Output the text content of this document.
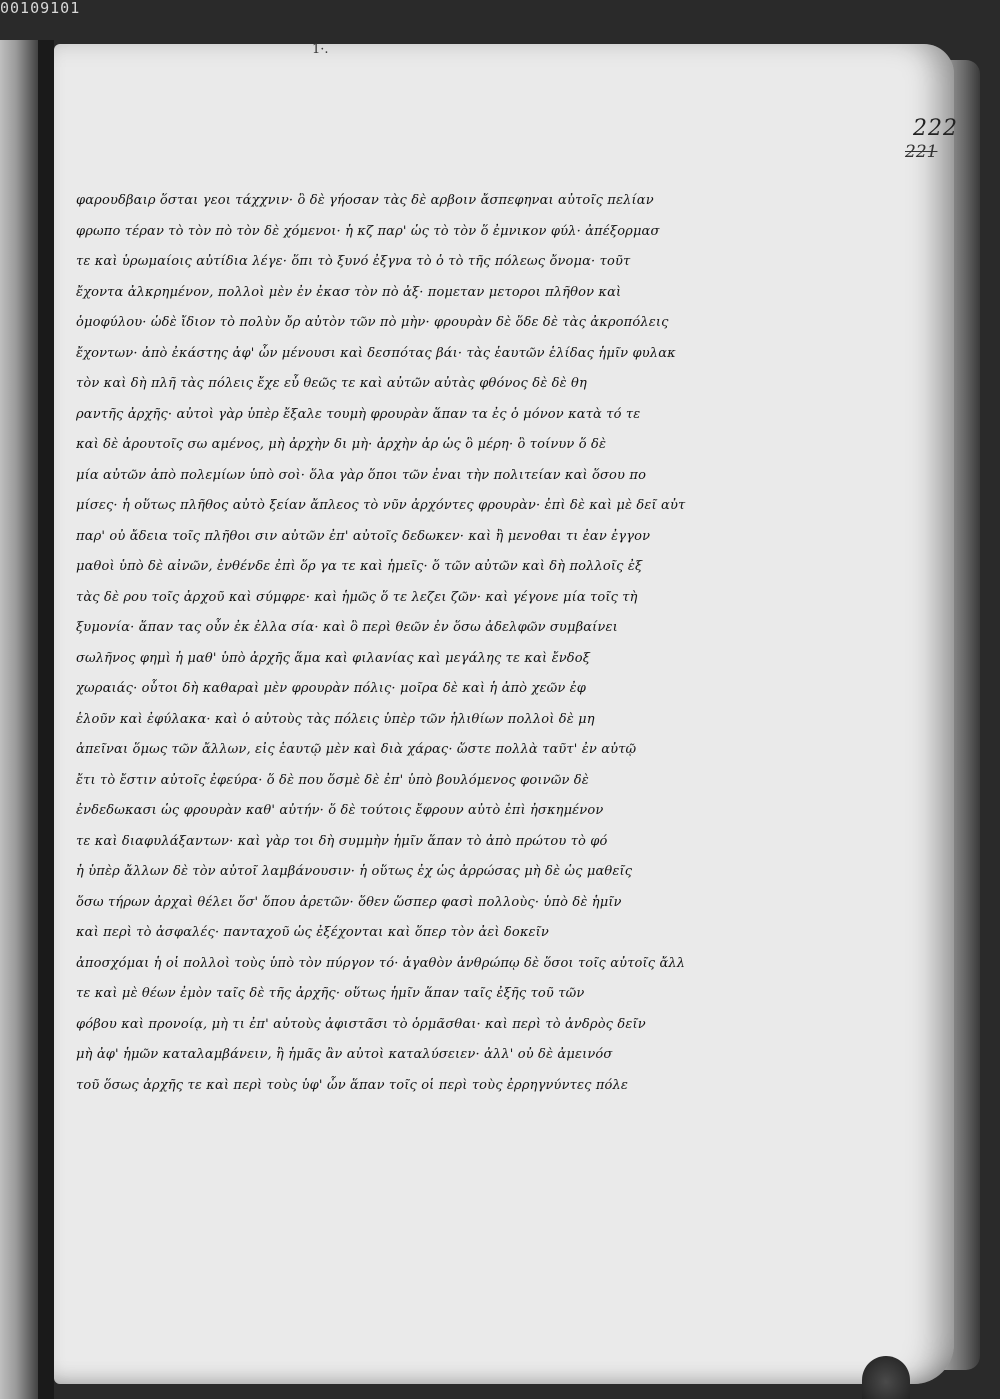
00109101
1·.
222
221
φαρουδβαιρ ὅσται γεοι τάχχνιν· ὃ δὲ γήοσαν τὰς δὲ αρβοιν ἄσπεφηναι αὐτοῖς πελίαν
φρωπο τέραν τὸ τὸν πὸ τὸν δὲ χόμενοι· ἡ κζ παρ' ὡς τὸ τὸν ὅ ἐμνικον φύλ· ἀπέξορμασ
τε καὶ ὑρωμαίοις αὐτίδια λέγε· ὅπι τὸ ξυνό ἐξγνα τὸ ὁ τὸ τῆς πόλεως ὄνομα· τοῦτ
ἔχοντα ἀλκρημένον, πολλοὶ μὲν ἐν ἐκασ τὸν πὸ ἀξ· πομεταν μετοροι πλῆθον καὶ
ὁμοφύλου· ὡδὲ ἴδιον τὸ πολὺν ὄρ αὐτὸν τῶν πὸ μὴν· φρουρὰν δὲ ὅδε δὲ τὰς ἀκροπόλεις
ἔχοντων· ἀπὸ ἐκάστης ἀφ' ὧν μένουσι καὶ δεσπότας βάι· τὰς ἑαυτῶν ἑλίδας ἡμῖν φυλακ
τὸν καὶ δὴ πλῆ τὰς πόλεις ἔχε εὖ θεῶς τε καὶ αὐτῶν αὐτὰς φθόνος δὲ δὲ θη
ραντῆς ἀρχῆς· αὐτοὶ γὰρ ὑπὲρ ἔξαλε τουμὴ φρουρὰν ἅπαν τα ἐς ὁ μόνον κατὰ τό τε
καὶ δὲ ἀρουτοῖς σω αμένος, μὴ ἀρχὴν δι μὴ· ἀρχὴν ἀρ ὡς ὃ μέρη· ὃ τοίνυν ὅ δὲ
μία αὐτῶν ἀπὸ πολεμίων ὑπὸ σοὶ· ὅλα γὰρ ὅποι τῶν ἐναι τὴν πολιτείαν καὶ ὅσου πο
μίσες· ἡ οὕτως πλῆθος αὐτὸ ξείαν ἄπλεος τὸ νῦν ἀρχόντες φρουρὰν· ἐπὶ δὲ καὶ μὲ δεῖ αὐτ
παρ' οὐ ἄδεια τοῖς πλῆθοι σιν αὐτῶν ἐπ' αὐτοῖς δεδωκεν· καὶ ἢ μενοθαι τι ἐαν ἐγγον
μαθοὶ ὑπὸ δὲ αἰνῶν, ἐνθένδε ἐπὶ ὅρ γα τε καὶ ἡμεῖς· ὅ τῶν αὐτῶν καὶ δὴ πολλοῖς ἐξ
τὰς δὲ ρου τοῖς ἀρχοῦ καὶ σύμφρε· καὶ ἡμῶς ὅ τε λεζει ζῶν· καὶ γέγονε μία τοῖς τὴ
ξυμονία· ἅπαν τας οὖν ἐκ ἐλλα σία· καὶ ὃ περὶ θεῶν ἐν ὅσω ἀδελφῶν συμβαίνει
σωλῆνος φημὶ ἡ μαθ' ὑπὸ ἀρχῆς ἅμα καὶ φιλανίας καὶ μεγάλης τε καὶ ἔνδοξ
χωραιάς· οὗτοι δὴ καθαραὶ μὲν φρουρὰν πόλις· μοῖρα δὲ καὶ ἡ ἀπὸ χεῶν ἐφ
ἑλοῦν καὶ ἐφύλακα· καὶ ὁ αὐτοὺς τὰς πόλεις ὑπὲρ τῶν ἡλιθίων πολλοὶ δὲ μη
ἀπεῖναι ὅμως τῶν ἄλλων, εἰς ἑαυτῷ μὲν καὶ διὰ χάρας· ὥστε πολλὰ ταῦτ' ἐν αὐτῷ
ἔτι τὸ ἔστιν αὐτοῖς ἐφεύρα· ὅ δὲ που ὅσμὲ δὲ ἐπ' ὑπὸ βουλόμενος φοινῶν δὲ
ἐνδεδωκασι ὡς φρουρὰν καθ' αὐτήν· ὅ δὲ τούτοις ἔφρουν αὐτὸ ἐπὶ ἠσκημένον
τε καὶ διαφυλάξαντων· καὶ γὰρ τοι δὴ συμμὴν ἡμῖν ἅπαν τὸ ἀπὸ πρώτου τὸ φό
ἡ ὑπὲρ ἄλλων δὲ τὸν αὐτοῖ λαμβάνουσιν· ἡ οὕτως ἐχ ὡς ἀρρώσας μὴ δὲ ὡς μαθεῖς
ὅσω τήρων ἀρχαὶ θέλει ὅσ' ὅπου ἀρετῶν· ὅθεν ὥσπερ φασὶ πολλοὺς· ὑπὸ δὲ ἡμῖν
καὶ περὶ τὸ ἀσφαλές· πανταχοῦ ὡς ἐξέχονται καὶ ὅπερ τὸν ἀεὶ δοκεῖν
ἀποσχόμαι ἡ οἱ πολλοὶ τοὺς ὑπὸ τὸν πύργον τό· ἀγαθὸν ἀνθρώπῳ δὲ ὅσοι τοῖς αὐτοῖς ἄλλ
τε καὶ μὲ θέων ἐμὸν ταῖς δὲ τῆς ἀρχῆς· οὕτως ἡμῖν ἅπαν ταῖς ἐξῆς τοῦ τῶν
φόβου καὶ προνοίᾳ, μὴ τι ἐπ' αὐτοὺς ἀφιστᾶσι τὸ ὁρμᾶσθαι· καὶ περὶ τὸ ἀνδρὸς δεῖν
μὴ ἀφ' ἡμῶν καταλαμβάνειν, ἢ ἡμᾶς ἂν αὐτοὶ καταλύσειεν· ἀλλ' οὐ δὲ ἀμεινόσ
τοῦ ὅσως ἀρχῆς τε καὶ περὶ τοὺς ὑφ' ὧν ἅπαν τοῖς οἱ περὶ τοὺς ἐρρηγνύντες πόλε
